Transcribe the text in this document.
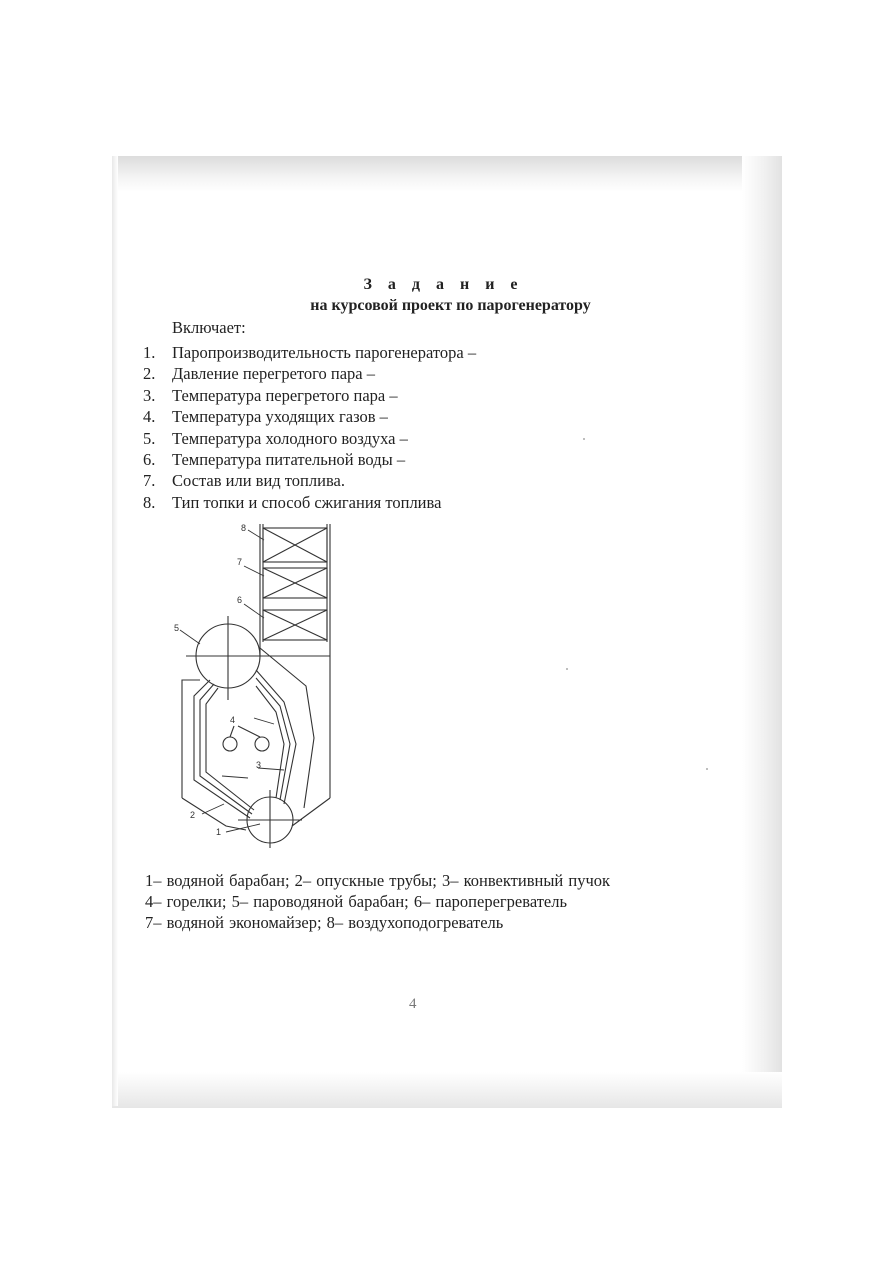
З а д а н и е
на курсовой проект по парогенератору
Включает:
1. Паропроизводительность парогенератора –
2. Давление перегретого пара –
3. Температура перегретого пара –
4. Температура уходящих газов –
5. Температура холодного воздуха –
6. Температура питательной воды –
7. Состав или вид топлива.
8. Тип топки и способ сжигания топлива
8
7
6
5
4
3
2
1
1– водяной барабан; 2– опускные трубы; 3– конвективный пучок
4– горелки; 5– пароводяной барабан; 6– пароперегреватель
7– водяной экономайзер; 8– воздухоподогреватель
4
